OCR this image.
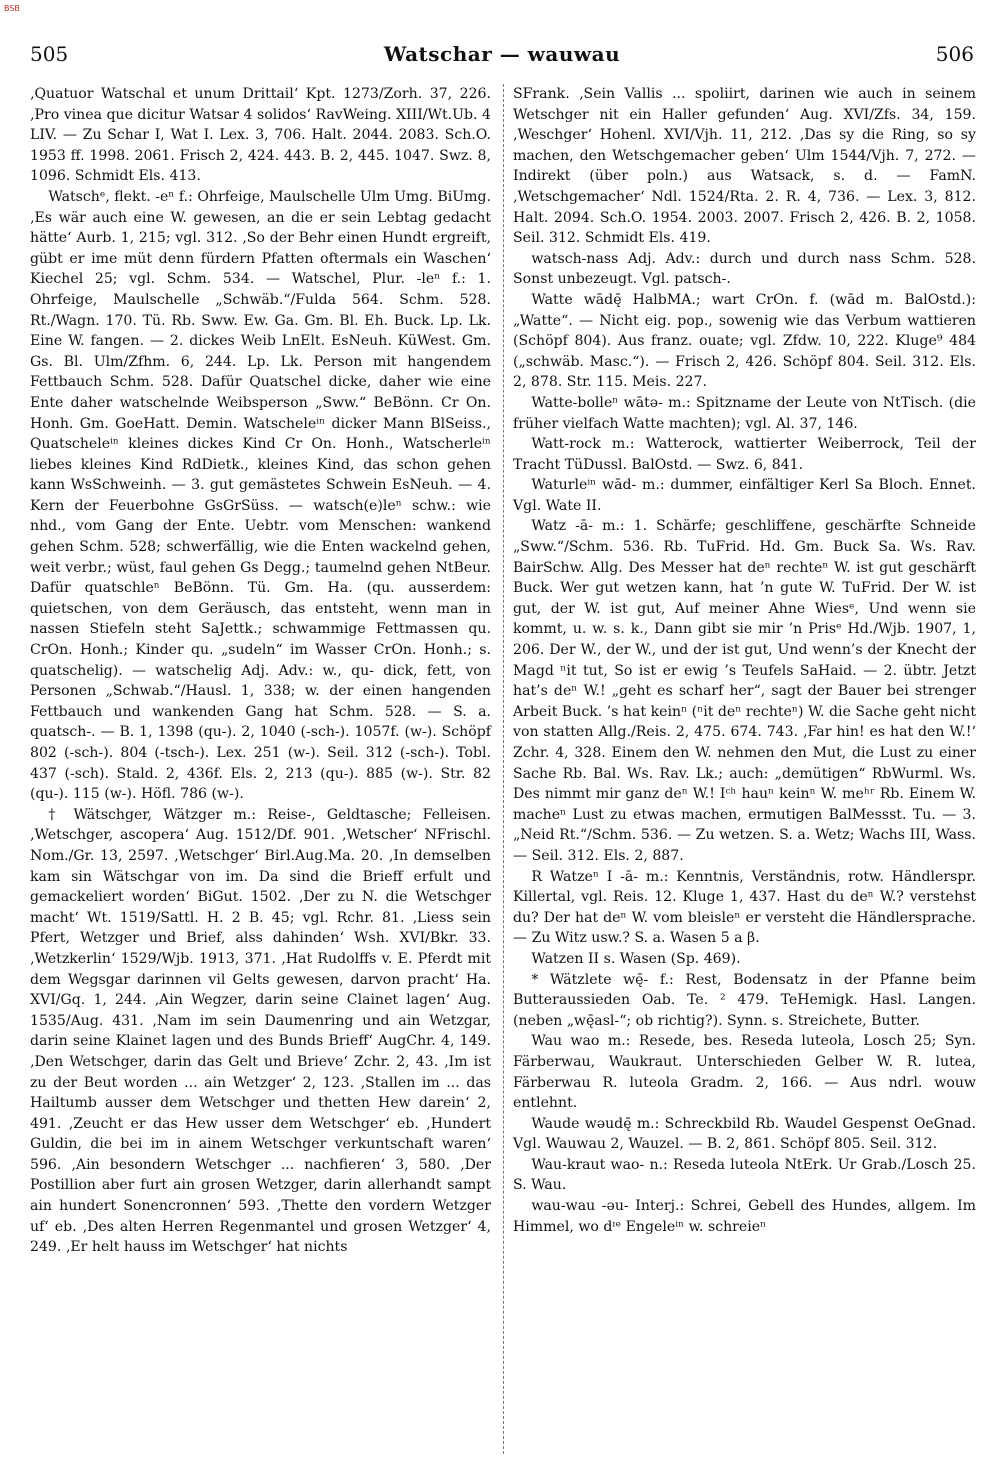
BSB
505	Watschar — wauwau	506

‚Quatuor Watschal et unum Drittail‘ Kpt. 1273/Zorh. 37, 226. ‚Pro vinea que dicitur Watsar 4 solidos‘ RavWeing. XIII/Wt.Ub. 4 LIV. — Zu Schar I, Wat I. Lex. 3, 706. Halt. 2044. 2083. Sch.O. 1953 ff. 1998. 2061. Frisch 2, 424. 443. B. 2, 445. 1047. Swz. 8, 1096. Schmidt Els. 413.

Watschᵉ, flekt. -eⁿ f.: Ohrfeige, Maulschelle Ulm Umg. BiUmg. ‚Es wär auch eine W. gewesen, an die er sein Lebtag gedacht hätte‘ Aurb. 1, 215; vgl. 312. ‚So der Behr einen Hundt ergreift, gübt er ime müt denn fürdern Pfatten oftermals ein Waschen‘ Kiechel 25; vgl. Schm. 534. — Watschel, Plur. -leⁿ f.: 1. Ohrfeige, Maulschelle „Schwäb.“/Fulda 564. Schm. 528. Rt./Wagn. 170. Tü. Rb. Sww. Ew. Ga. Gm. Bl. Eh. Buck. Lp. Lk. Eine W. fangen. — 2. dickes Weib LnElt. EsNeuh. KüWest. Gm. Gs. Bl. Ulm/Zfhm. 6, 244. Lp. Lk. Person mit hangendem Fettbauch Schm. 528. Dafür Quatschel dicke, daher wie eine Ente daher watschelnde Weibsperson „Sww.“ BeBönn. Cr On. Honh. Gm. GoeHatt. Demin. Watscheleⁱⁿ dicker Mann BlSeiss., Quatscheleⁱⁿ kleines dickes Kind Cr On. Honh., Watscherleⁱⁿ liebes kleines Kind RdDietk., kleines Kind, das schon gehen kann WsSchweinh. — 3. gut gemästetes Schwein EsNeuh. — 4. Kern der Feuerbohne GsGrSüss. — watsch(e)leⁿ schw.: wie nhd., vom Gang der Ente. Uebtr. vom Menschen: wankend gehen Schm. 528; schwerfällig, wie die Enten wackelnd gehen, weit verbr.; wüst, faul gehen Gs Degg.; taumelnd gehen NtBeur. Dafür quatschleⁿ BeBönn. Tü. Gm. Ha. (qu. ausserdem: quietschen, von dem Geräusch, das entsteht, wenn man in nassen Stiefeln steht SaJettk.; schwammige Fettmassen qu. CrOn. Honh.; Kinder qu. „sudeln“ im Wasser CrOn. Honh.; s. quatschelig). — watschelig Adj. Adv.: w., qu- dick, fett, von Personen „Schwab.“/Hausl. 1, 338; w. der einen hangenden Fettbauch und wankenden Gang hat Schm. 528. — S. a. quatsch-. — B. 1, 1398 (qu-). 2, 1040 (-sch-). 1057f. (w-). Schöpf 802 (-sch-). 804 (-tsch-). Lex. 251 (w-). Seil. 312 (-sch-). Tobl. 437 (-sch). Stald. 2, 436f. Els. 2, 213 (qu-). 885 (w-). Str. 82 (qu-). 115 (w-). Höfl. 786 (w-).

† Wätschger, Wätzger m.: Reise-, Geldtasche; Felleisen. ‚Wetschger, ascopera‘ Aug. 1512/Df. 901. ‚Wetscher‘ NFrischl. Nom./Gr. 13, 2597. ‚Wetschger‘ Birl.Aug.Ma. 20. ‚In demselben kam sin Wätschgar von im. Da sind die Brieff erfult und gemackeliert worden‘ BiGut. 1502. ‚Der zu N. die Wetschger macht‘ Wt. 1519/Sattl. H. 2 B. 45; vgl. Rchr. 81. ‚Liess sein Pfert, Wetzger und Brief, alss dahinden‘ Wsh. XVI/Bkr. 33. ‚Wetzkerlin‘ 1529/Wjb. 1913, 371. ‚Hat Rudolffs v. E. Pferdt mit dem Wegsgar darinnen vil Gelts gewesen, darvon pracht‘ Ha. XVI/Gq. 1, 244. ‚Ain Wegzer, darin seine Clainet lagen‘ Aug. 1535/Aug. 431. ‚Nam im sein Daumenring und ain Wetzgar, darin seine Klainet lagen und des Bunds Brieff‘ AugChr. 4, 149. ‚Den Wetschger, darin das Gelt und Brieve‘ Zchr. 2, 43. ‚Im ist zu der Beut worden ... ain Wetzger‘ 2, 123. ‚Stallen im ... das Hailtumb ausser dem Wetschger und thetten Hew darein‘ 2, 491. ‚Zeucht er das Hew usser dem Wetschger‘ eb. ‚Hundert Guldin, die bei im in ainem Wetschger verkuntschaft waren‘ 596. ‚Ain besondern Wetschger ... nachfieren‘ 3, 580. ‚Der Postillion aber furt ain grosen Wetzger, darin allerhandt sampt ain hundert Sonencronnen‘ 593. ‚Thette den vordern Wetzger uf‘ eb. ‚Des alten Herren Regenmantel und grosen Wetzger‘ 4, 249. ‚Er helt hauss im Wetschger‘ hat nichts

SFrank. ‚Sein Vallis ... spoliirt, darinen wie auch in seinem Wetschger nit ein Haller gefunden‘ Aug. XVI/Zfs. 34, 159. ‚Weschger‘ Hohenl. XVI/Vjh. 11, 212. ‚Das sy die Ring, so sy machen, den Wetschgemacher geben‘ Ulm 1544/Vjh. 7, 272. — Indirekt (über poln.) aus Watsack, s. d. — FamN. ‚Wetschgemacher‘ Ndl. 1524/Rta. 2. R. 4, 736. — Lex. 3, 812. Halt. 2094. Sch.O. 1954. 2003. 2007. Frisch 2, 426. B. 2, 1058. Seil. 312. Schmidt Els. 419.

watsch-nass Adj. Adv.: durch und durch nass Schm. 528. Sonst unbezeugt. Vgl. patsch-.

Watte wādę̄ HalbMA.; wart CrOn. f. (wād m. BalOstd.): „Watte“. — Nicht eig. pop., sowenig wie das Verbum wattieren (Schöpf 804). Aus franz. ouate; vgl. Zfdw. 10, 222. Kluge⁹ 484 („schwäb. Masc.“). — Frisch 2, 426. Schöpf 804. Seil. 312. Els. 2, 878. Str. 115. Meis. 227.

Watte-bolleⁿ wātə- m.: Spitzname der Leute von NtTisch. (die früher vielfach Watte machten); vgl. Al. 37, 146.

Watt-rock m.: Watterock, wattierter Weiberrock, Teil der Tracht TüDussl. BalOstd. — Swz. 6, 841.

Waturleⁱⁿ wād- m.: dummer, einfältiger Kerl Sa Bloch. Ennet. Vgl. Wate II.

Watz -ā- m.: 1. Schärfe; geschliffene, geschärfte Schneide „Sww.“/Schm. 536. Rb. TuFrid. Hd. Gm. Buck Sa. Ws. Rav. BairSchw. Allg. Des Messer hat deⁿ rechteⁿ W. ist gut geschärft Buck. Wer gut wetzen kann, hat ’n gute W. TuFrid. Der W. ist gut, der W. ist gut, Auf meiner Ahne Wiesᵉ, Und wenn sie kommt, u. w. s. k., Dann gibt sie mir ’n Prisᵉ Hd./Wjb. 1907, 1, 206. Der W., der W., und der ist gut, Und wenn’s der Knecht der Magd ⁿit tut, So ist er ewig ’s Teufels SaHaid. — 2. übtr. Jetzt hat’s deⁿ W.! „geht es scharf her“, sagt der Bauer bei strenger Arbeit Buck. ’s hat keinⁿ (ⁿit deⁿ rechteⁿ) W. die Sache geht nicht von statten Allg./Reis. 2, 475. 674. 743. ‚Far hin! es hat den W.!‘ Zchr. 4, 328. Einem den W. nehmen den Mut, die Lust zu einer Sache Rb. Bal. Ws. Rav. Lk.; auch: „demütigen“ RbWurml. Ws. Des nimmt mir ganz deⁿ W.! Iᶜʰ hauⁿ keinⁿ W. meʰʳ Rb. Einem W. macheⁿ Lust zu etwas machen, ermutigen BalMessst. Tu. — 3. „Neid Rt.“/Schm. 536. — Zu wetzen. S. a. Wetz; Wachs III, Wass. — Seil. 312. Els. 2, 887.

R Watzeⁿ I -ā- m.: Kenntnis, Verständnis, rotw. Händlerspr. Killertal, vgl. Reis. 12. Kluge 1, 437. Hast du deⁿ W.? verstehst du? Der hat deⁿ W. vom bleisleⁿ er versteht die Händlersprache. — Zu Witz usw.? S. a. Wasen 5 a β.

Watzen II s. Wasen (Sp. 469).

* Wätzlete wę̄- f.: Rest, Bodensatz in der Pfanne beim Butteraussieden Oab. Te. ² 479. TeHemigk. Hasl. Langen. (neben „wę̄asl-“; ob richtig?). Synn. s. Streichete, Butter.

Wau wao m.: Resede, bes. Reseda luteola, Losch 25; Syn. Färberwau, Waukraut. Unterschieden Gelber W. R. lutea, Färberwau R. luteola Gradm. 2, 166. — Aus ndrl. wouw entlehnt.

Waude wəudę̄ m.: Schreckbild Rb. Waudel Gespenst OeGnad. Vgl. Wauwau 2, Wauzel. — B. 2, 861. Schöpf 805. Seil. 312.

Wau-kraut wao- n.: Reseda luteola NtErk. Ur Grab./Losch 25. S. Wau.

wau-wau -əu- Interj.: Schrei, Gebell des Hundes, allgem. Im Himmel, wo dᶦᵉ Engeleⁱⁿ w. schreieⁿ
